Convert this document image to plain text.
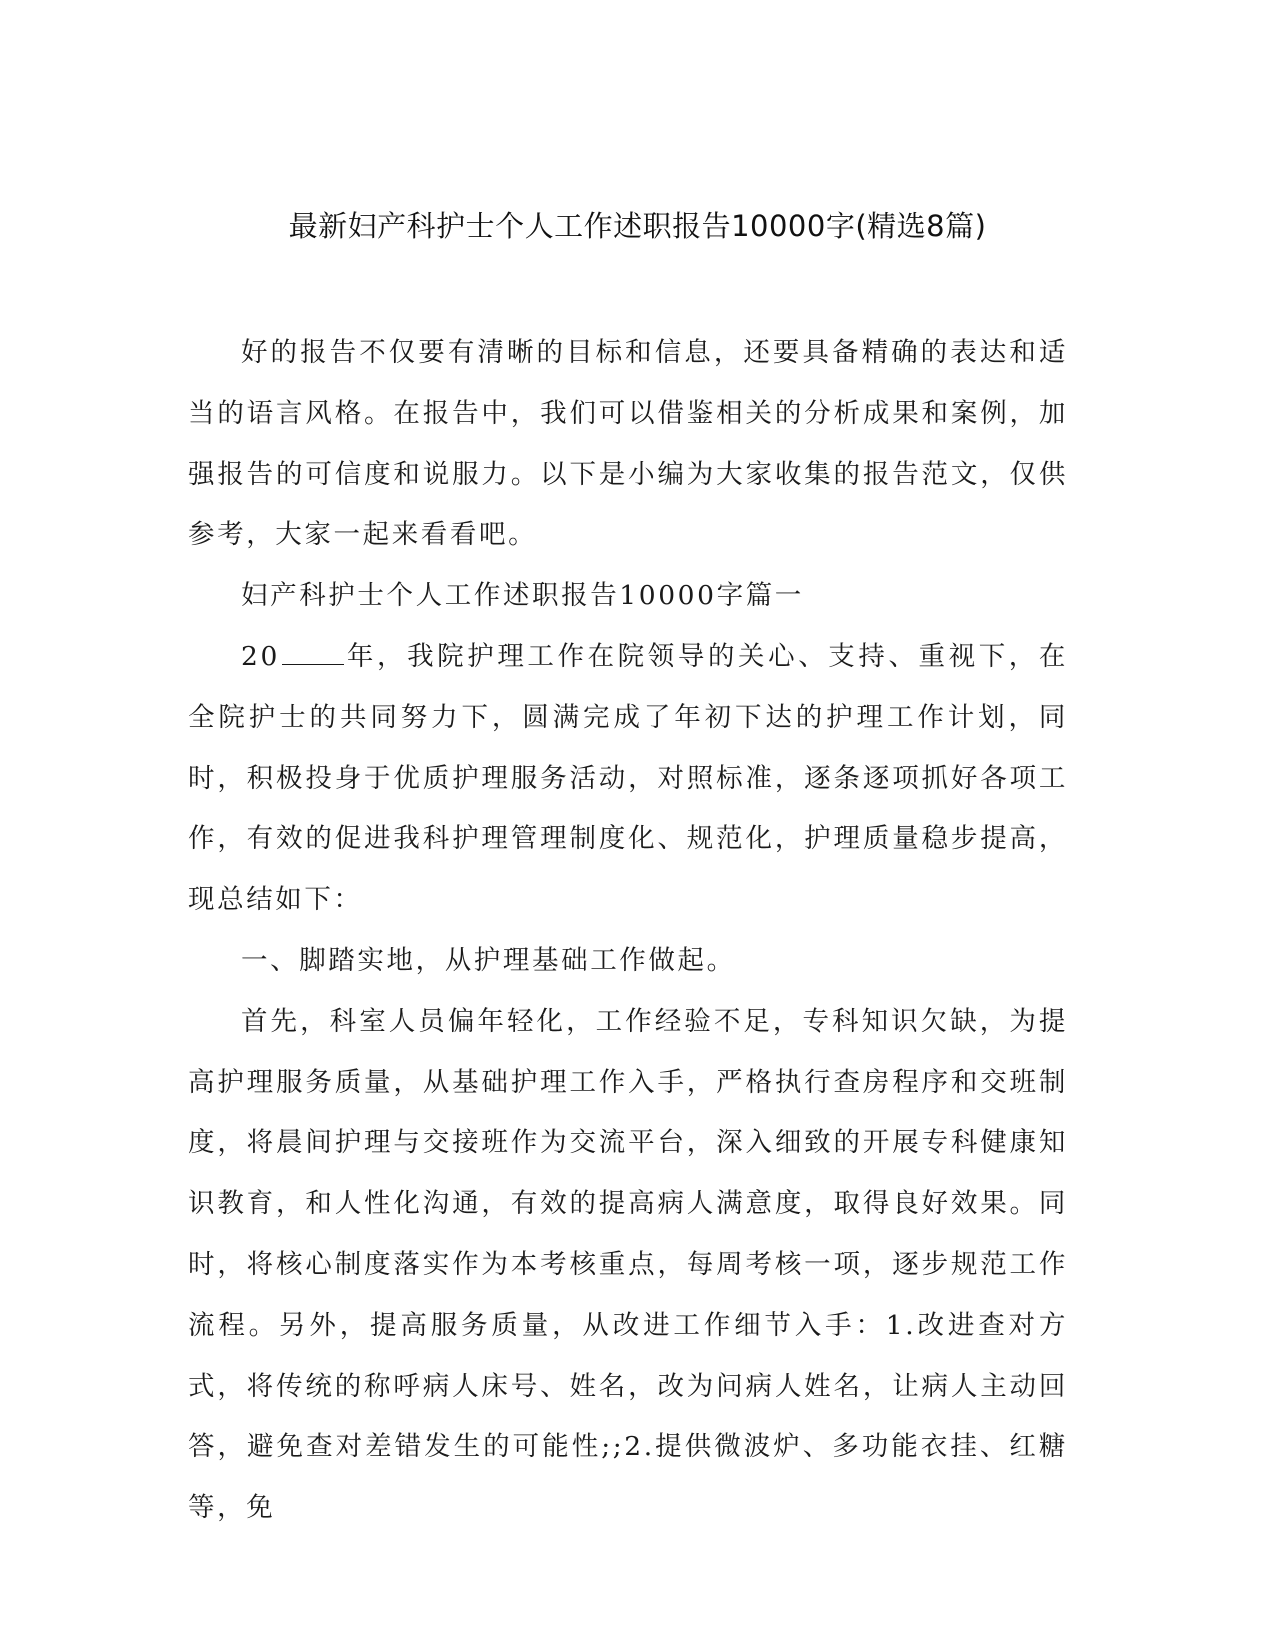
最新妇产科护士个人工作述职报告10000字(精选8篇)

好的报告不仅要有清晰的目标和信息，还要具备精确的表达和适当的语言风格。在报告中，我们可以借鉴相关的分析成果和案例，加强报告的可信度和说服力。以下是小编为大家收集的报告范文，仅供参考，大家一起来看看吧。

妇产科护士个人工作述职报告10000字篇一

20 年，我院护理工作在院领导的关心、支持、重视下，在全院护士的共同努力下，圆满完成了年初下达的护理工作计划，同时，积极投身于优质护理服务活动，对照标准，逐条逐项抓好各项工作，有效的促进我科护理管理制度化、规范化，护理质量稳步提高，现总结如下：

一、脚踏实地，从护理基础工作做起。

首先，科室人员偏年轻化，工作经验不足，专科知识欠缺，为提高护理服务质量，从基础护理工作入手，严格执行查房程序和交班制度，将晨间护理与交接班作为交流平台，深入细致的开展专科健康知识教育，和人性化沟通，有效的提高病人满意度，取得良好效果。同时，将核心制度落实作为本考核重点，每周考核一项，逐步规范工作流程。另外，提高服务质量，从改进工作细节入手：1.改进查对方式，将传统的称呼病人床号、姓名，改为问病人姓名，让病人主动回答，避免查对差错发生的可能性;;2.提供微波炉、多功能衣挂、红糖等，免
